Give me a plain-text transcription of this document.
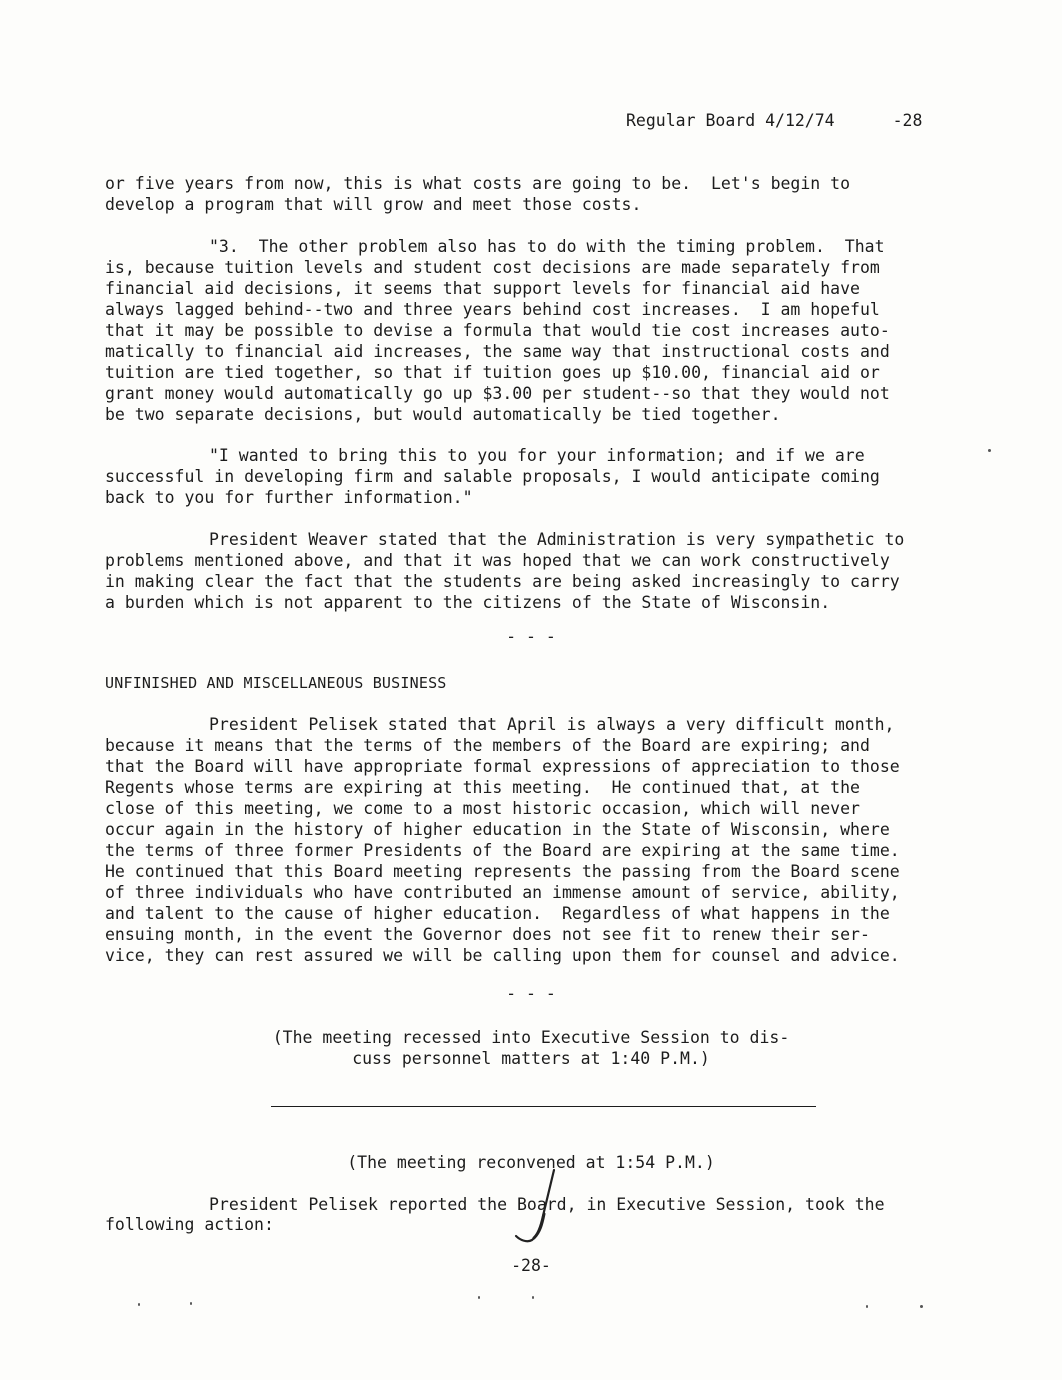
Regular Board 4/12/74	-28
or five years from now, this is what costs are going to be.  Let's begin to
develop a program that will grow and meet those costs.
"3.  The other problem also has to do with the timing problem.  That
is, because tuition levels and student cost decisions are made separately from
financial aid decisions, it seems that support levels for financial aid have
always lagged behind--two and three years behind cost increases.  I am hopeful
that it may be possible to devise a formula that would tie cost increases auto-
matically to financial aid increases, the same way that instructional costs and
tuition are tied together, so that if tuition goes up $10.00, financial aid or
grant money would automatically go up $3.00 per student--so that they would not
be two separate decisions, but would automatically be tied together.
"I wanted to bring this to you for your information; and if we are
successful in developing firm and salable proposals, I would anticipate coming
back to you for further information."
President Weaver stated that the Administration is very sympathetic to
problems mentioned above, and that it was hoped that we can work constructively
in making clear the fact that the students are being asked increasingly to carry
a burden which is not apparent to the citizens of the State of Wisconsin.
- - -
UNFINISHED AND MISCELLANEOUS BUSINESS
President Pelisek stated that April is always a very difficult month,
because it means that the terms of the members of the Board are expiring; and
that the Board will have appropriate formal expressions of appreciation to those
Regents whose terms are expiring at this meeting.  He continued that, at the
close of this meeting, we come to a most historic occasion, which will never
occur again in the history of higher education in the State of Wisconsin, where
the terms of three former Presidents of the Board are expiring at the same time.
He continued that this Board meeting represents the passing from the Board scene
of three individuals who have contributed an immense amount of service, ability,
and talent to the cause of higher education.  Regardless of what happens in the
ensuing month, in the event the Governor does not see fit to renew their ser-
vice, they can rest assured we will be calling upon them for counsel and advice.
- - -
(The meeting recessed into Executive Session to dis-
cuss personnel matters at 1:40 P.M.)
(The meeting reconvened at 1:54 P.M.)
President Pelisek reported the Board, in Executive Session, took the
following action:
-28-
